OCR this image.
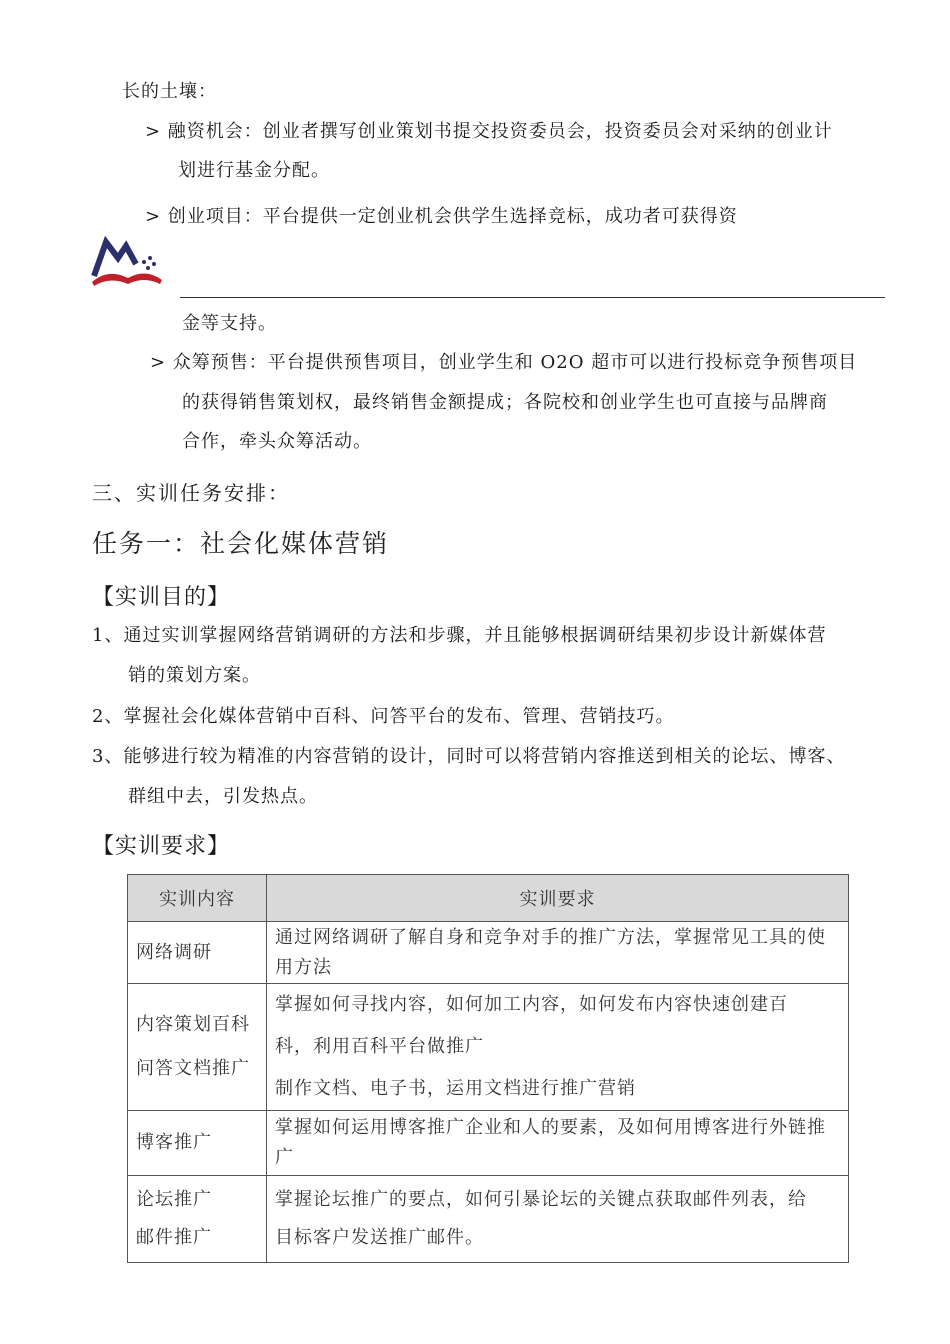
长的土壤：
> 融资机会：创业者撰写创业策划书提交投资委员会，投资委员会对采纳的创业计
划进行基金分配。
> 创业项目：平台提供一定创业机会供学生选择竞标，成功者可获得资
金等支持。
> 众筹预售：平台提供预售项目，创业学生和 O2O 超市可以进行投标竞争预售项目
的获得销售策划权，最终销售金额提成；各院校和创业学生也可直接与品牌商
合作，牵头众筹活动。
三、实训任务安排：
任务一：社会化媒体营销
【实训目的】
1、通过实训掌握网络营销调研的方法和步骤，并且能够根据调研结果初步设计新媒体营
销的策划方案。
2、掌握社会化媒体营销中百科、问答平台的发布、管理、营销技巧。
3、能够进行较为精准的内容营销的设计，同时可以将营销内容推送到相关的论坛、博客、
群组中去，引发热点。
【实训要求】
实训内容	实训要求

网络调研	通过网络调研了解自身和竞争对手的推广方法，掌握常见工具的使用方法

内容策划百科
问答文档推广	掌握如何寻找内容，如何加工内容，如何发布内容快速创建百
科，利用百科平台做推广
制作文档、电子书，运用文档进行推广营销

博客推广	掌握如何运用博客推广企业和人的要素，及如何用博客进行外链推广

论坛推广
邮件推广	掌握论坛推广的要点，如何引暴论坛的关键点获取邮件列表，给
目标客户发送推广邮件。
